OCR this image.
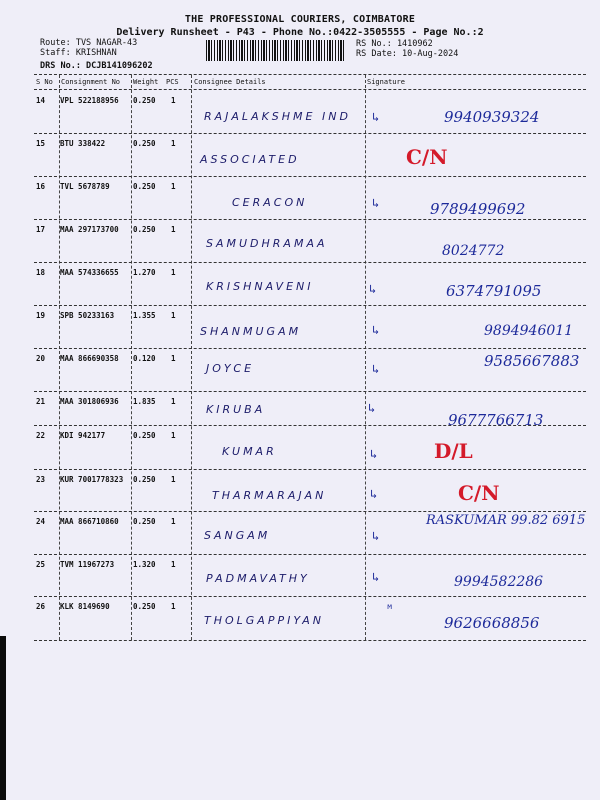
THE PROFESSIONAL COURIERS, COIMBATORE
Delivery Runsheet - P43 - Phone No.:0422-3505555 - Page No.:2
Route: TVS NAGAR-43
Staff: KRISHNAN
DRS No.: DCJB141096202
RS No.: 1410962
RS Date: 10-Aug-2024
S No Consignment No Weight PCS Consignee Details	Signature
14 VPL 522188956 0.250 1
RAJALAKSHME IND ↳	9940939324
15 BTU 338422	0.250 1
ASSOCIATED	C/N
16 TVL 5678789	0.250 1
CERACON	↳	9789499692
17 MAA 297173700 0.250 1
SAMUDHRAMAA	8024772
18 MAA 574336655 1.270 1
KRISHNAVENI	↳	6374791095
19 SPB 50233163	1.355 1
SHANMUGAM	↳	9894946011
20 MAA 866690358 0.120 1
JOYCE	↳	9585667883
21 MAA 301806936 1.835 1
KIRUBA	↳
9677766713
22 KDI 942177	0.250 1
KUMAR	↳	D/L
23 KUR 7001778323 0.250 1
THARMARAJAN	↳	C/N
24 MAA 866710860 0.250 1
SANGAM	↳
RASKUMAR 99.82 6915
25 TVM 11967273	1.320 1
PADMAVATHY	↳	9994582286
26 KLK 8149690	0.250 1
THOLGAPPIYAN
ᴹ
9626668856
